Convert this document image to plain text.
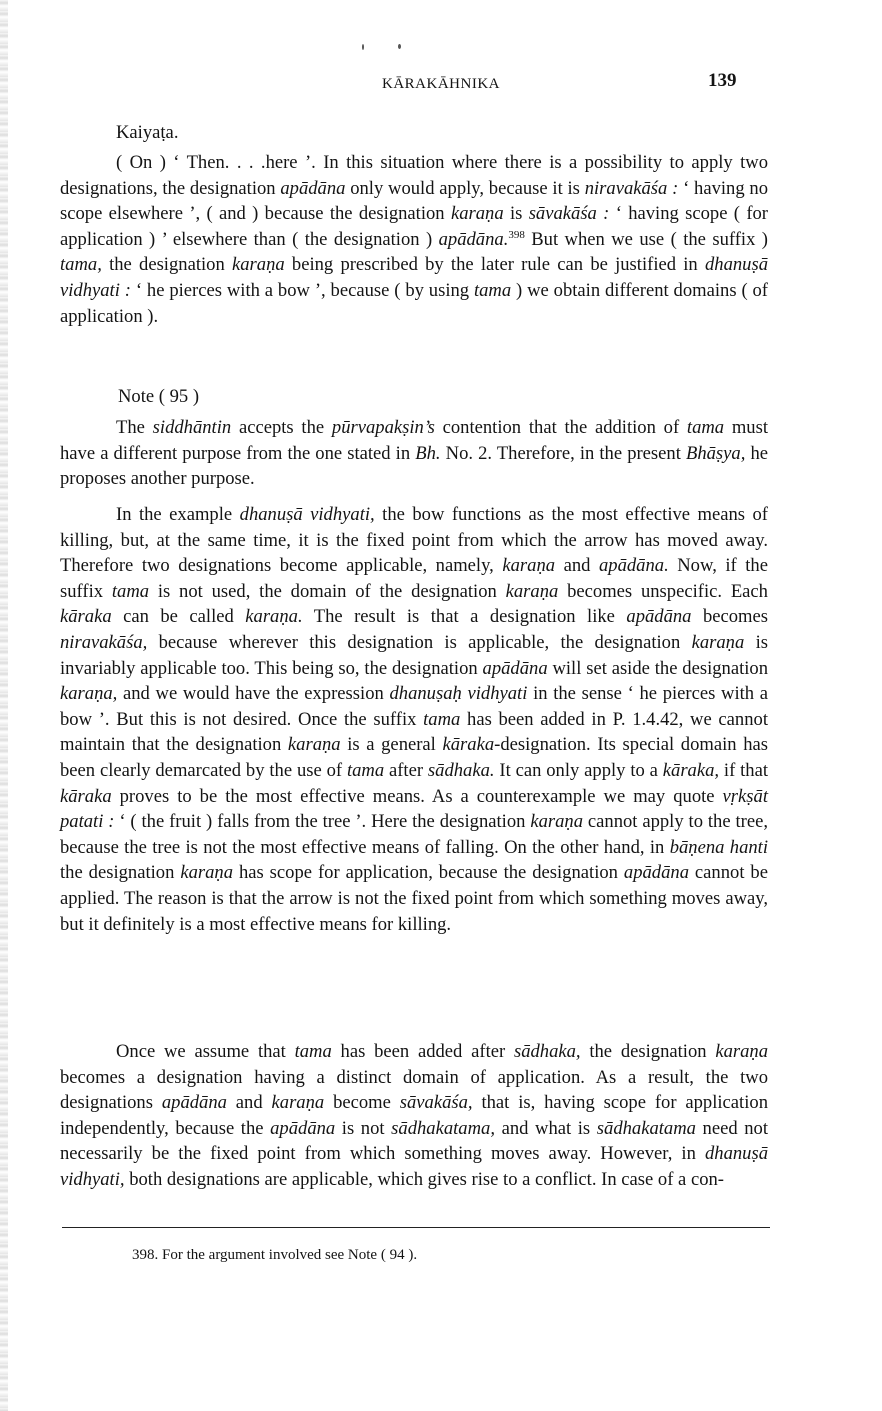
KĀRAKĀHNIKA	139
Kaiyaṭa.
( On ) ‘ Then. . . .here ’. In this situation where there is a possibility to apply two designations, the designation apādāna only would apply, because it is niravakāśa : ‘ having no scope elsewhere ’, ( and ) because the designation karaṇa is sāvakāśa : ‘ having scope ( for application ) ’ elsewhere than ( the designation ) apādāna.$^{398}$ But when we use ( the suffix ) tama, the designation karaṇa being prescribed by the later rule can be justified in dhanuṣā vidhyati : ‘ he pierces with a bow ’, because ( by using tama ) we obtain different domains ( of application ).
Note ( 95 )
The siddhāntin accepts the pūrvapakṣin’s contention that the addition of tama must have a different purpose from the one stated in Bh. No. 2. Therefore, in the present Bhāṣya, he proposes another purpose.
In the example dhanuṣā vidhyati, the bow functions as the most effective means of killing, but, at the same time, it is the fixed point from which the arrow has moved away. Therefore two designations become applicable, namely, karaṇa and apādāna. Now, if the suffix tama is not used, the domain of the designation karaṇa becomes unspecific. Each kāraka can be called karaṇa. The result is that a designation like apādāna becomes niravakāśa, because wherever this designation is applicable, the designation karaṇa is invariably applicable too. This being so, the designation apādāna will set aside the designation karaṇa, and we would have the expression dhanuṣaḥ vidhyati in the sense ‘ he pierces with a bow ’. But this is not desired. Once the suffix tama has been added in P. 1.4.42, we cannot maintain that the designation karaṇa is a general kāraka-designation. Its special domain has been clearly demarcated by the use of tama after sādhaka. It can only apply to a kāraka, if that kāraka proves to be the most effective means. As a counterexample we may quote vṛkṣāt patati : ‘ ( the fruit ) falls from the tree ’. Here the designation karaṇa cannot apply to the tree, because the tree is not the most effective means of falling. On the other hand, in bāṇena hanti the designation karaṇa has scope for application, because the designation apādāna cannot be applied. The reason is that the arrow is not the fixed point from which something moves away, but it definitely is a most effective means for killing.
Once we assume that tama has been added after sādhaka, the designation karaṇa becomes a designation having a distinct domain of application. As a result, the two designations apādāna and karaṇa become sāvakāśa, that is, having scope for application independently, because the apādāna is not sādhakatama, and what is sādhakatama need not necessarily be the fixed point from which something moves away. However, in dhanuṣā vidhyati, both designations are applicable, which gives rise to a conflict. In case of a con-
398. For the argument involved see Note ( 94 ).
